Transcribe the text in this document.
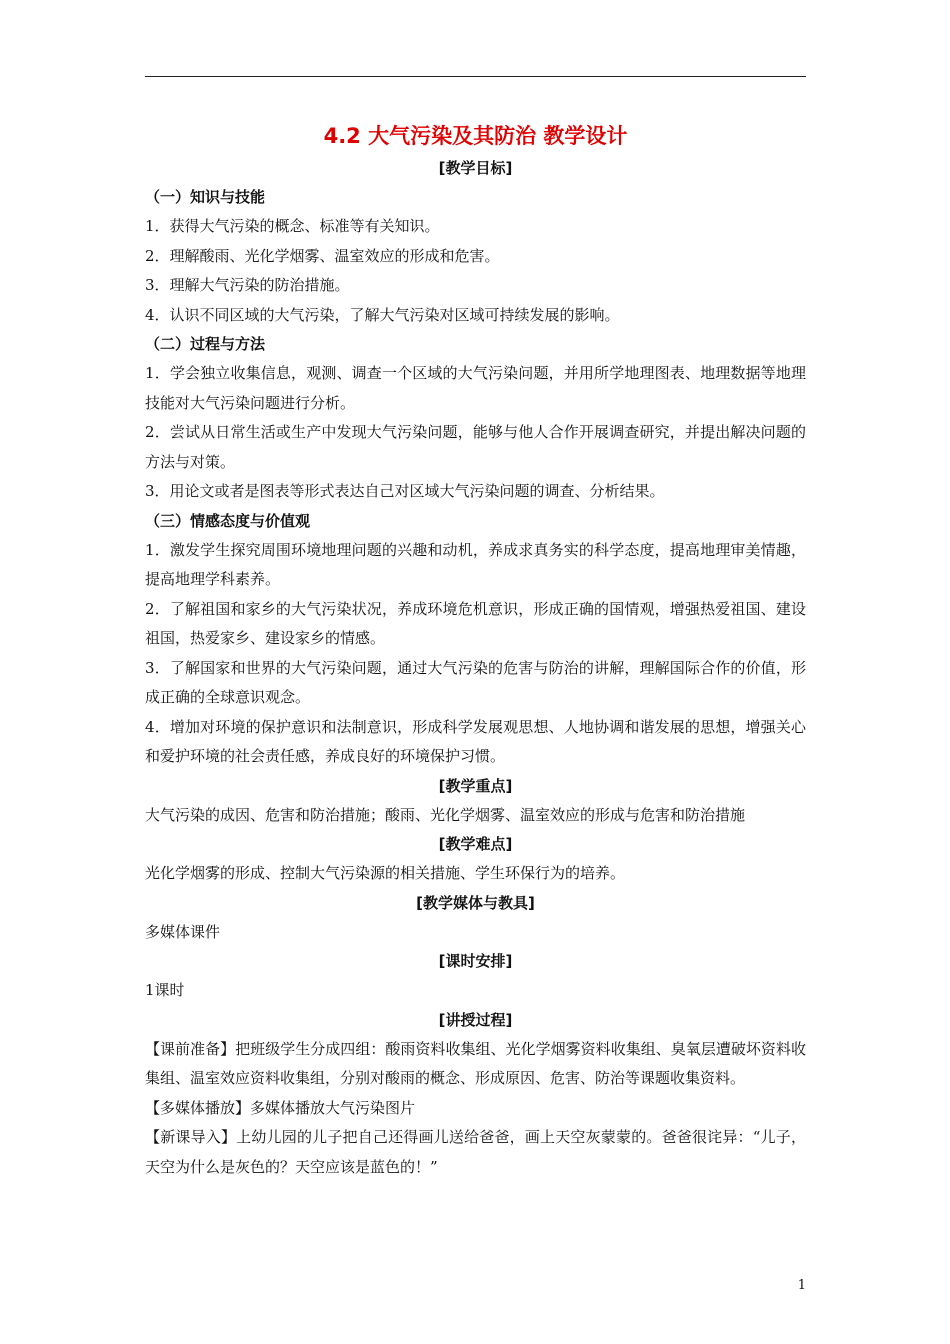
4.2 大气污染及其防治 教学设计
[教学目标]
（一）知识与技能
1．获得大气污染的概念、标准等有关知识。
2．理解酸雨、光化学烟雾、温室效应的形成和危害。
3．理解大气污染的防治措施。
4．认识不同区域的大气污染，了解大气污染对区域可持续发展的影响。
（二）过程与方法
1．学会独立收集信息，观测、调查一个区域的大气污染问题，并用所学地理图表、地理数据等地理技能对大气污染问题进行分析。
2．尝试从日常生活或生产中发现大气污染问题，能够与他人合作开展调查研究，并提出解决问题的方法与对策。
3．用论文或者是图表等形式表达自己对区域大气污染问题的调查、分析结果。
（三）情感态度与价值观
1．激发学生探究周围环境地理问题的兴趣和动机，养成求真务实的科学态度，提高地理审美情趣，提高地理学科素养。
2．了解祖国和家乡的大气污染状况，养成环境危机意识，形成正确的国情观，增强热爱祖国、建设祖国，热爱家乡、建设家乡的情感。
3．了解国家和世界的大气污染问题，通过大气污染的危害与防治的讲解，理解国际合作的价值，形成正确的全球意识观念。
4．增加对环境的保护意识和法制意识，形成科学发展观思想、人地协调和谐发展的思想，增强关心和爱护环境的社会责任感，养成良好的环境保护习惯。
[教学重点]
大气污染的成因、危害和防治措施；酸雨、光化学烟雾、温室效应的形成与危害和防治措施
[教学难点]
光化学烟雾的形成、控制大气污染源的相关措施、学生环保行为的培养。
[教学媒体与教具]
多媒体课件
[课时安排]
1课时
[讲授过程]
【课前准备】把班级学生分成四组：酸雨资料收集组、光化学烟雾资料收集组、臭氧层遭破坏资料收集组、温室效应资料收集组，分别对酸雨的概念、形成原因、危害、防治等课题收集资料。
【多媒体播放】多媒体播放大气污染图片
【新课导入】上幼儿园的儿子把自己还得画儿送给爸爸，画上天空灰蒙蒙的。爸爸很诧异：“儿子，天空为什么是灰色的？天空应该是蓝色的！”
1
